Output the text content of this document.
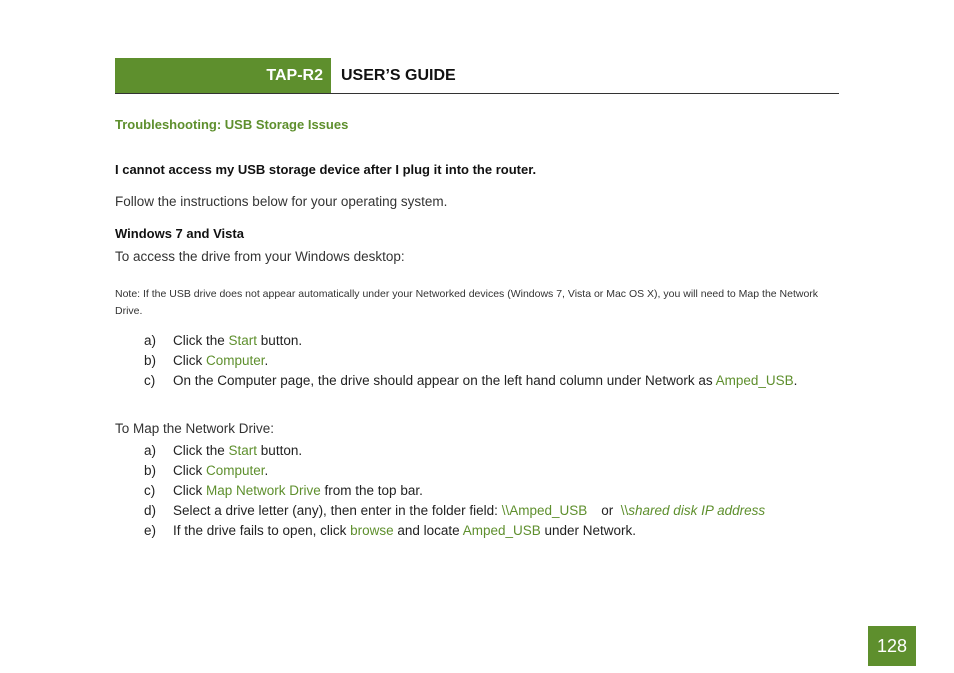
TAP-R2	USER’S GUIDE
Troubleshooting: USB Storage Issues
I cannot access my USB storage device after I plug it into the router.
Follow the instructions below for your operating system.
Windows 7 and Vista
To access the drive from your Windows desktop:
Note: If the USB drive does not appear automatically under your Networked devices (Windows 7, Vista or Mac OS X), you will need to Map the Network Drive.
a) Click the Start button.
b) Click Computer.
c) On the Computer page, the drive should appear on the left hand column under Network as Amped_USB.
To Map the Network Drive:
a) Click the Start button.
b) Click Computer.
c) Click Map Network Drive from the top bar.
d) Select a drive letter (any), then enter in the folder field: \\Amped_USB or \\shared disk IP address
e) If the drive fails to open, click browse and locate Amped_USB under Network.
128
